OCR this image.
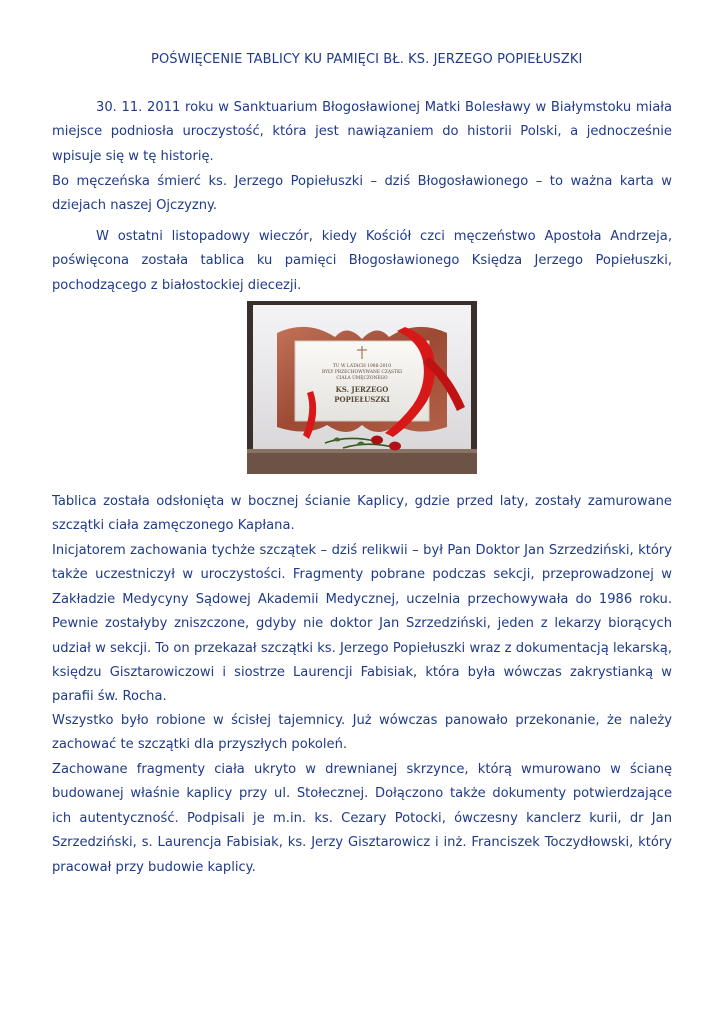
POŚWIĘCENIE TABLICY KU PAMIĘCI BŁ. KS. JERZEGO POPIEŁUSZKI

30. 11. 2011 roku w Sanktuarium Błogosławionej Matki Bolesławy w Białymstoku miała miejsce podniosła uroczystość, która jest nawiązaniem do historii Polski, a jednocześnie wpisuje się w tę historię.

Bo męczeńska śmierć ks. Jerzego Popiełuszki – dziś Błogosławionego – to ważna karta w dziejach naszej Ojczyzny.

W ostatni listopadowy wieczór, kiedy Kościół czci męczeństwo Apostoła Andrzeja, poświęcona została tablica ku pamięci Błogosławionego Księdza Jerzego Popiełuszki, pochodzącego z białostockiej diecezji.

TU W LATACH 1986-2010
BYŁY PRZECHOWYWANE CZĄSTKI
CIAŁA UMĘCZONEGO
KS. JERZEGO
POPIEŁUSZKI

Tablica została odsłonięta w bocznej ścianie Kaplicy, gdzie przed laty, zostały zamurowane szczątki ciała zamęczonego Kapłana.

Inicjatorem zachowania tychże szczątek – dziś relikwii – był Pan Doktor Jan Szrzedziński, który także uczestniczył w uroczystości. Fragmenty pobrane podczas sekcji, przeprowadzonej w Zakładzie Medycyny Sądowej Akademii Medycznej, uczelnia przechowywała do 1986 roku. Pewnie zostałyby zniszczone, gdyby nie doktor Jan Szrzedziński, jeden z lekarzy biorących udział w sekcji. To on przekazał szczątki ks. Jerzego Popiełuszki wraz z dokumentacją lekarską, księdzu Gisztarowiczowi i siostrze Laurencji Fabisiak, która była wówczas zakrystianką w parafii św. Rocha.

Wszystko było robione w ścisłej tajemnicy. Już wówczas panowało przekonanie, że należy zachować te szczątki dla przyszłych pokoleń.

Zachowane fragmenty ciała ukryto w drewnianej skrzynce, którą wmurowano w ścianę budowanej właśnie kaplicy przy ul. Stołecznej. Dołączono także dokumenty potwierdzające ich autentyczność. Podpisali je m.in. ks. Cezary Potocki, ówczesny kanclerz kurii, dr Jan Szrzedziński, s. Laurencja Fabisiak, ks. Jerzy Gisztarowicz i inż. Franciszek Toczydłowski, który pracował przy budowie kaplicy.
